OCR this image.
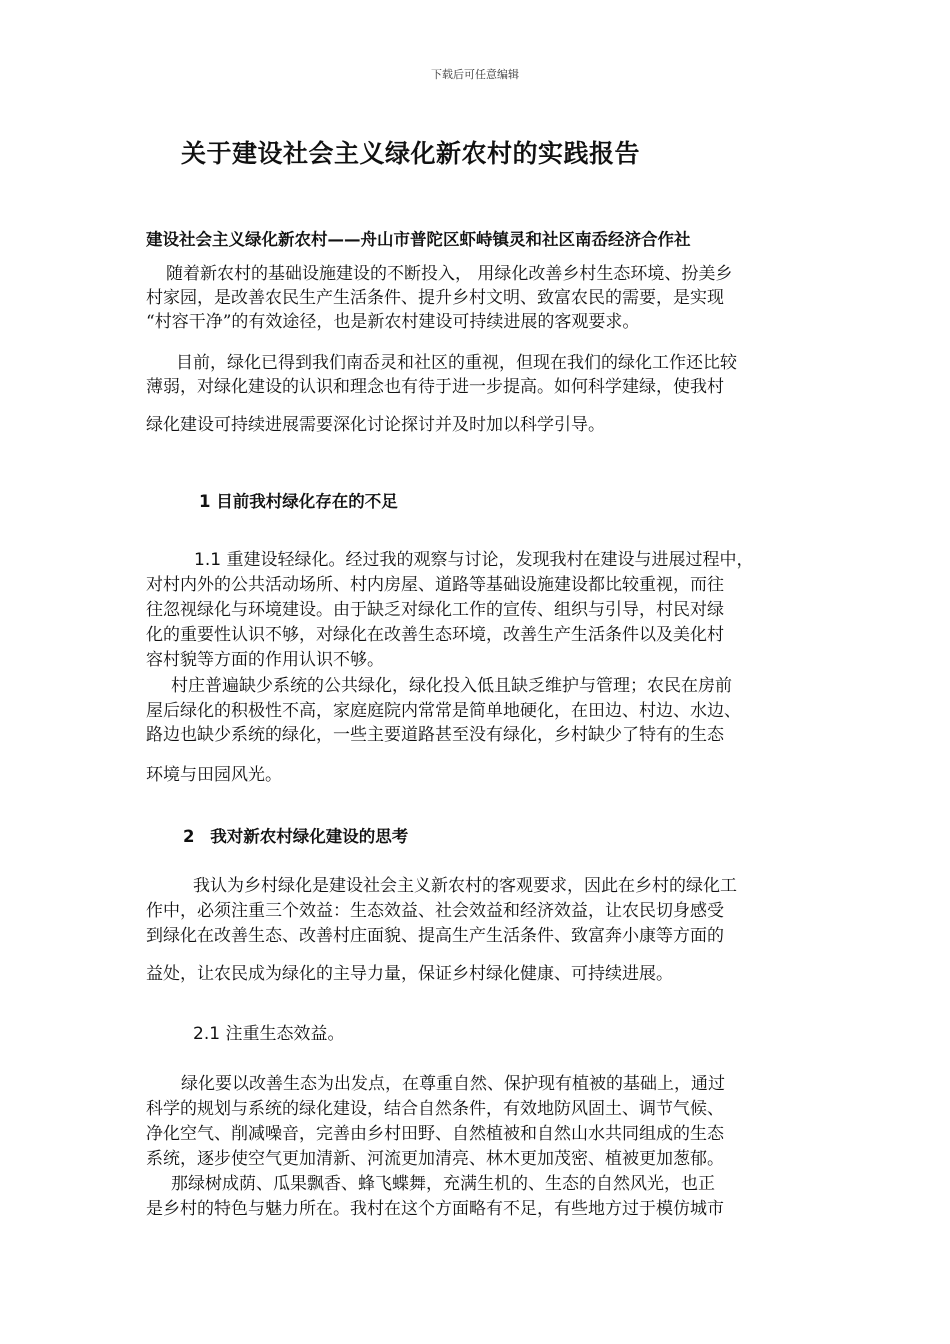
下载后可任意编辑
关于建设社会主义绿化新农村的实践报告
建设社会主义绿化新农村——舟山市普陀区虾峙镇灵和社区南岙经济合作社
随着新农村的基础设施建设的不断投入， 用绿化改善乡村生态环境、扮美乡
村家园，是改善农民生产生活条件、提升乡村文明、致富农民的需要，是实现
“村容干净”的有效途径，也是新农村建设可持续进展的客观要求。
目前，绿化已得到我们南岙灵和社区的重视，但现在我们的绿化工作还比较
薄弱，对绿化建设的认识和理念也有待于进一步提高。如何科学建绿，使我村
绿化建设可持续进展需要深化讨论探讨并及时加以科学引导。
1 目前我村绿化存在的不足
1.1 重建设轻绿化。经过我的观察与讨论，发现我村在建设与进展过程中，
对村内外的公共活动场所、村内房屋、道路等基础设施建设都比较重视，而往
往忽视绿化与环境建设。由于缺乏对绿化工作的宣传、组织与引导，村民对绿
化的重要性认识不够，对绿化在改善生态环境，改善生产生活条件以及美化村
容村貌等方面的作用认识不够。
村庄普遍缺少系统的公共绿化，绿化投入低且缺乏维护与管理；农民在房前
屋后绿化的积极性不高，家庭庭院内常常是简单地硬化，在田边、村边、水边、
路边也缺少系统的绿化，一些主要道路甚至没有绿化，乡村缺少了特有的生态
环境与田园风光。
2 我对新农村绿化建设的思考
我认为乡村绿化是建设社会主义新农村的客观要求，因此在乡村的绿化工
作中，必须注重三个效益：生态效益、社会效益和经济效益，让农民切身感受
到绿化在改善生态、改善村庄面貌、提高生产生活条件、致富奔小康等方面的
益处，让农民成为绿化的主导力量，保证乡村绿化健康、可持续进展。
2.1 注重生态效益。
绿化要以改善生态为出发点，在尊重自然、保护现有植被的基础上，通过
科学的规划与系统的绿化建设，结合自然条件，有效地防风固土、调节气候、
净化空气、削减噪音，完善由乡村田野、自然植被和自然山水共同组成的生态
系统，逐步使空气更加清新、河流更加清亮、林木更加茂密、植被更加葱郁。
那绿树成荫、瓜果飘香、蜂飞蝶舞，充满生机的、生态的自然风光，也正
是乡村的特色与魅力所在。我村在这个方面略有不足，有些地方过于模仿城市
